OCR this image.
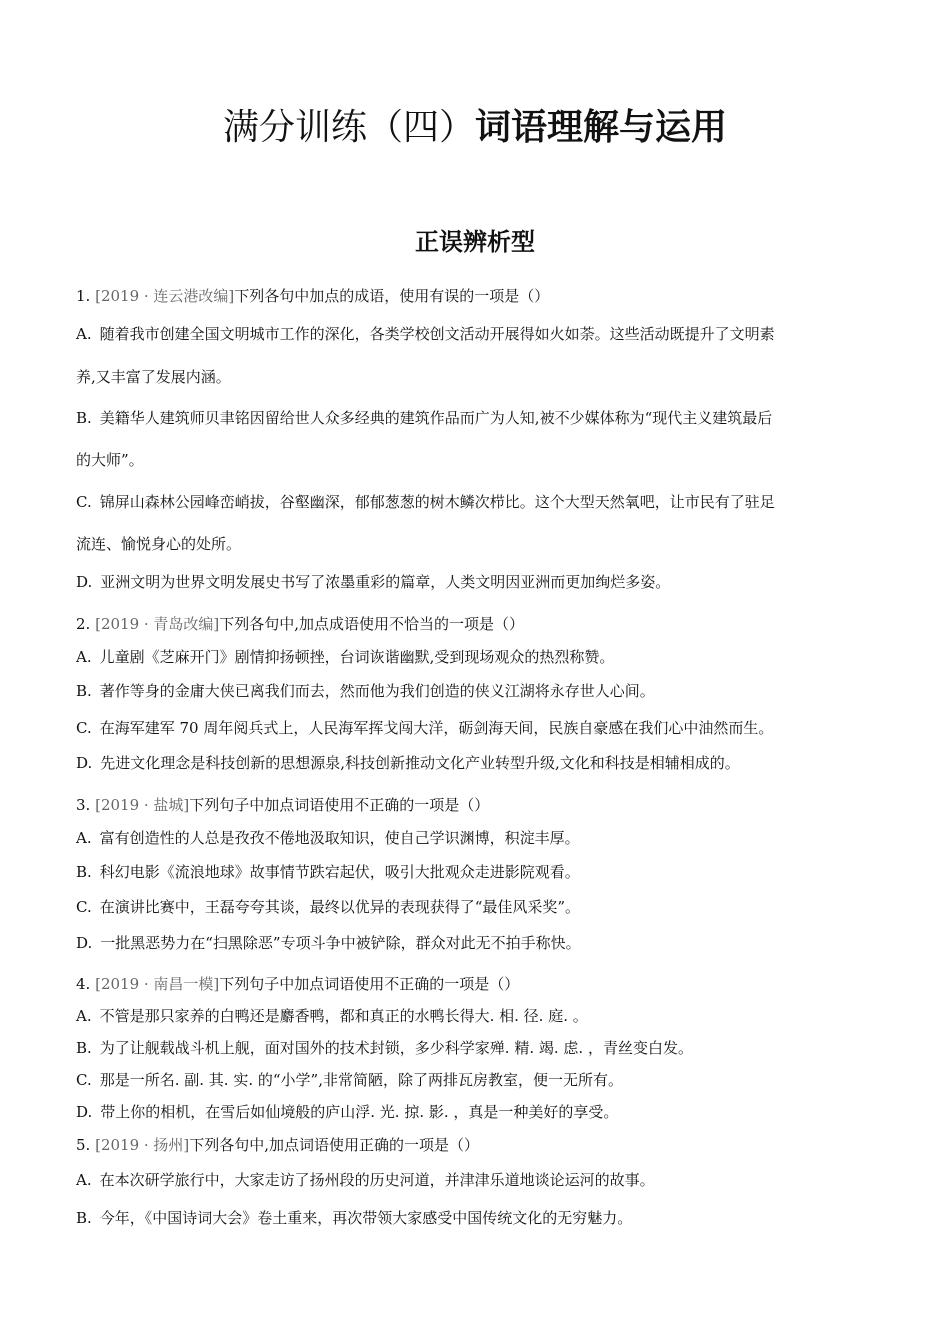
满分训练（四）词语理解与运用
正误辨析型
1. [2019 · 连云港改编]下列各句中加点的成语，使用有误的一项是（）
A. 随着我市创建全国文明城市工作的深化，各类学校创文活动开展得如火如荼。这些活动既提升了文明素
养,又丰富了发展内涵。
B. 美籍华人建筑师贝聿铭因留给世人众多经典的建筑作品而广为人知,被不少媒体称为“现代主义建筑最后
的大师”。
C. 锦屏山森林公园峰峦峭拔，谷壑幽深，郁郁葱葱的树木鳞次栉比。这个大型天然氧吧，让市民有了驻足
流连、愉悦身心的处所。
D. 亚洲文明为世界文明发展史书写了浓墨重彩的篇章，人类文明因亚洲而更加绚烂多姿。
2. [2019 · 青岛改编]下列各句中,加点成语使用不恰当的一项是（）
A. 儿童剧《芝麻开门》剧情抑扬顿挫，台词诙谐幽默,受到现场观众的热烈称赞。
B. 著作等身的金庸大侠已离我们而去，然而他为我们创造的侠义江湖将永存世人心间。
C. 在海军建军 70 周年阅兵式上，人民海军挥戈闯大洋，砺剑海天间，民族自豪感在我们心中油然而生。
D. 先进文化理念是科技创新的思想源泉,科技创新推动文化产业转型升级,文化和科技是相辅相成的。
3. [2019 · 盐城]下列句子中加点词语使用不正确的一项是（）
A. 富有创造性的人总是孜孜不倦地汲取知识，使自己学识渊博，积淀丰厚。
B. 科幻电影《流浪地球》故事情节跌宕起伏，吸引大批观众走进影院观看。
C. 在演讲比赛中，王磊夸夸其谈，最终以优异的表现获得了“最佳风采奖”。
D. 一批黑恶势力在“扫黑除恶”专项斗争中被铲除，群众对此无不拍手称快。
4. [2019 · 南昌一模]下列句子中加点词语使用不正确的一项是（）
A. 不管是那只家养的白鸭还是麝香鸭，都和真正的水鸭长得大. 相. 径. 庭. 。
B. 为了让舰载战斗机上舰，面对国外的技术封锁，多少科学家殚. 精. 竭. 虑. ，青丝变白发。
C. 那是一所名. 副. 其. 实. 的“小学”,非常简陋，除了两排瓦房教室，便一无所有。
D. 带上你的相机，在雪后如仙境般的庐山浮. 光. 掠. 影. ，真是一种美好的享受。
5. [2019 · 扬州]下列各句中,加点词语使用正确的一项是（）
A. 在本次研学旅行中，大家走访了扬州段的历史河道，并津津乐道地谈论运河的故事。
B. 今年，《中国诗词大会》卷土重来，再次带领大家感受中国传统文化的无穷魅力。
